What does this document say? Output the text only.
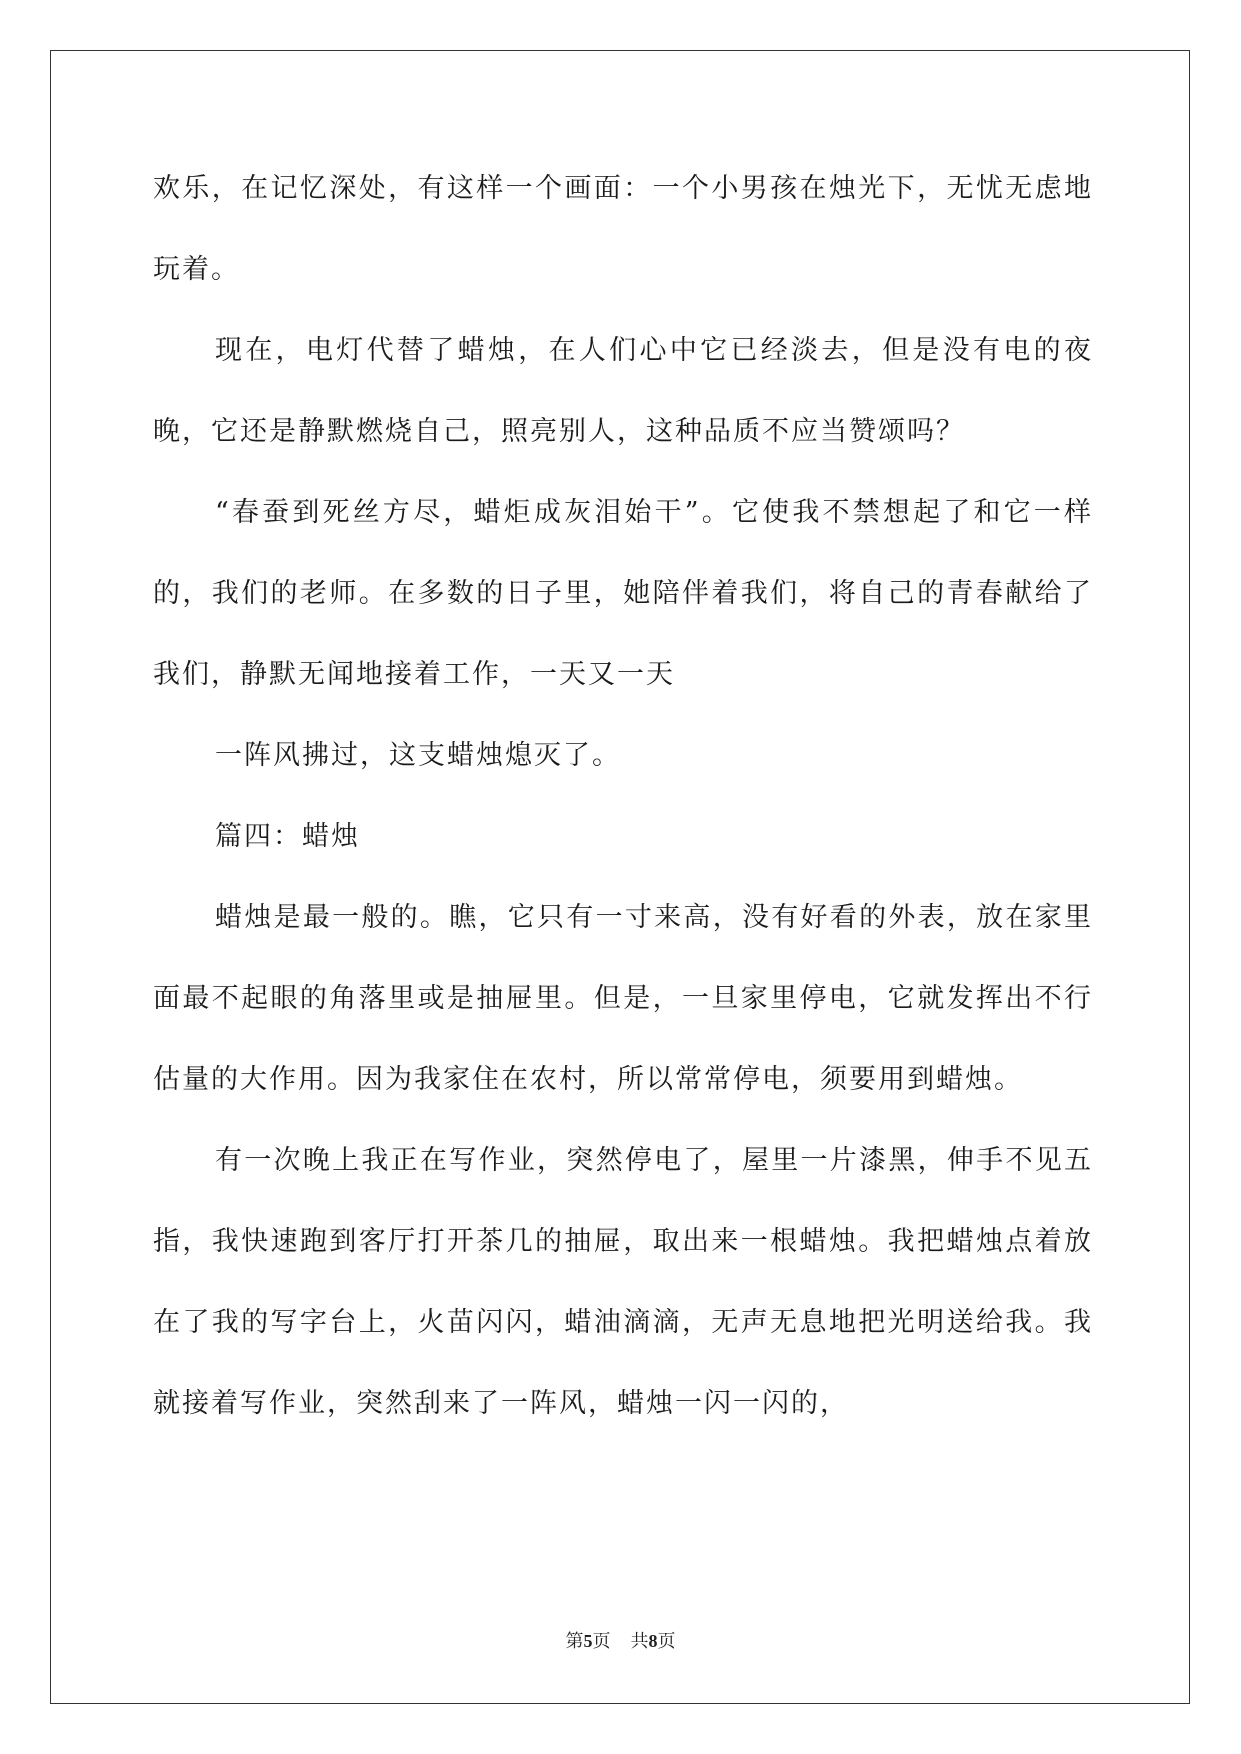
欢乐，在记忆深处，有这样一个画面：一个小男孩在烛光下，无忧无虑地玩着。

现在，电灯代替了蜡烛，在人们心中它已经淡去，但是没有电的夜晚，它还是静默燃烧自己，照亮别人，这种品质不应当赞颂吗？

“春蚕到死丝方尽，蜡炬成灰泪始干”。它使我不禁想起了和它一样的，我们的老师。在多数的日子里，她陪伴着我们，将自己的青春献给了我们，静默无闻地接着工作，一天又一天

一阵风拂过，这支蜡烛熄灭了。

篇四：蜡烛

蜡烛是最一般的。瞧，它只有一寸来高，没有好看的外表，放在家里面最不起眼的角落里或是抽屉里。但是，一旦家里停电，它就发挥出不行估量的大作用。因为我家住在农村，所以常常停电，须要用到蜡烛。

有一次晚上我正在写作业，突然停电了，屋里一片漆黑，伸手不见五指，我快速跑到客厅打开茶几的抽屉，取出来一根蜡烛。我把蜡烛点着放在了我的写字台上，火苗闪闪，蜡油滴滴，无声无息地把光明送给我。我就接着写作业，突然刮来了一阵风，蜡烛一闪一闪的，

第5页 共8页
